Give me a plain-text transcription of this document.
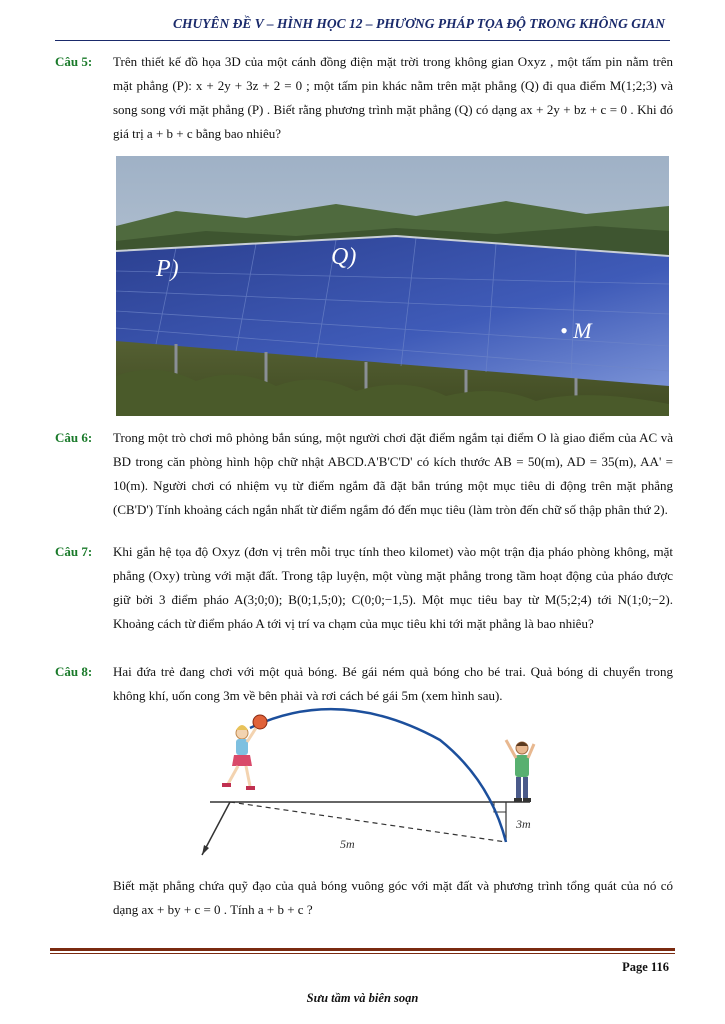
CHUYÊN ĐỀ V – HÌNH HỌC 12 – PHƯƠNG PHÁP TỌA ĐỘ TRONG KHÔNG GIAN
Câu 5: Trên thiết kế đồ họa 3D của một cánh đồng điện mặt trời trong không gian Oxyz , một tấm pin nằm trên mặt phẳng (P): x + 2y + 3z + 2 = 0 ; một tấm pin khác nằm trên mặt phẳng (Q) đi qua điểm M(1;2;3) và song song với mặt phẳng (P) . Biết rằng phương trình mặt phẳng (Q) có dạng ax + 2y + bz + c = 0 . Khi đó giá trị a + b + c bằng bao nhiêu?
P)	Q)
• M
Câu 6: Trong một trò chơi mô phỏng bắn súng, một người chơi đặt điểm ngắm tại điểm O là giao điểm của AC và BD trong căn phòng hình hộp chữ nhật ABCD.A'B'C'D' có kích thước AB = 50(m), AD = 35(m), AA' = 10(m). Người chơi có nhiệm vụ từ điểm ngắm đã đặt bắn trúng một mục tiêu di động trên mặt phẳng (CB'D') Tính khoảng cách ngắn nhất từ điểm ngắm đó đến mục tiêu (làm tròn đến chữ số thập phân thứ 2).
Câu 7: Khi gắn hệ tọa độ Oxyz (đơn vị trên mỗi trục tính theo kilomet) vào một trận địa pháo phòng không, mặt phẳng (Oxy) trùng với mặt đất. Trong tập luyện, một vùng mặt phẳng trong tầm hoạt động của pháo được giữ bởi 3 điểm pháo A(3;0;0); B(0;1,5;0); C(0;0;−1,5). Một mục tiêu bay từ M(5;2;4) tới N(1;0;−2). Khoảng cách từ điểm pháo A tới vị trí va chạm của mục tiêu khi tới mặt phẳng là bao nhiêu?
Câu 8: Hai đứa trẻ đang chơi với một quả bóng. Bé gái ném quả bóng cho bé trai. Quả bóng di chuyển trong không khí, uốn cong 3m về bên phải và rơi cách bé gái 5m (xem hình sau).
5m
3m
Biết mặt phẳng chứa quỹ đạo của quả bóng vuông góc với mặt đất và phương trình tổng quát của nó có dạng ax + by + c = 0 . Tính a + b + c ?
Page 116
Sưu tầm và biên soạn
